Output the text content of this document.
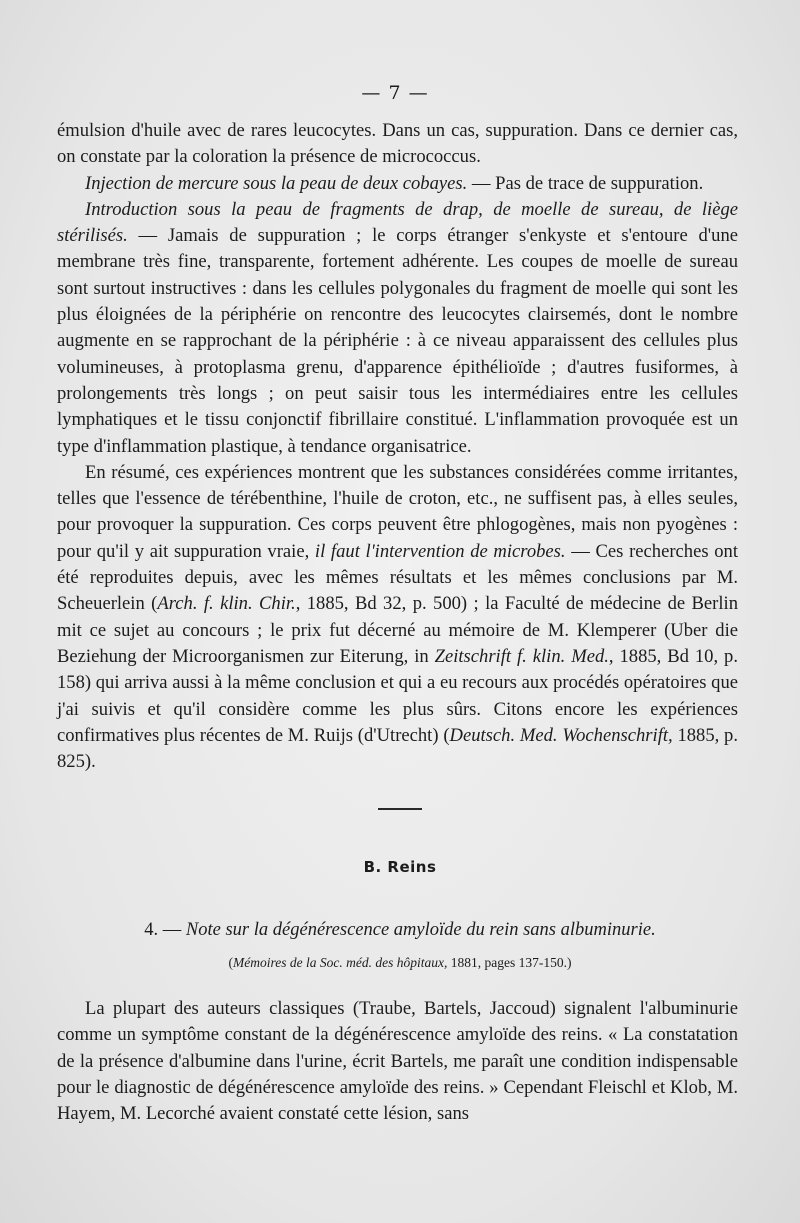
— 7 —

émulsion d'huile avec de rares leucocytes. Dans un cas, suppuration. Dans ce dernier cas, on constate par la coloration la présence de micrococcus.

Injection de mercure sous la peau de deux cobayes. — Pas de trace de suppuration.

Introduction sous la peau de fragments de drap, de moelle de sureau, de liège stérilisés. — Jamais de suppuration ; le corps étranger s'enkyste et s'entoure d'une membrane très fine, transparente, fortement adhérente. Les coupes de moelle de sureau sont surtout instructives : dans les cellules polygonales du fragment de moelle qui sont les plus éloignées de la périphérie on rencontre des leucocytes clairsemés, dont le nombre augmente en se rapprochant de la périphérie : à ce niveau apparaissent des cellules plus volumineuses, à protoplasma grenu, d'apparence épithélioïde ; d'autres fusiformes, à prolongements très longs ; on peut saisir tous les intermédiaires entre les cellules lymphatiques et le tissu conjonctif fibrillaire constitué. L'inflammation provoquée est un type d'inflammation plastique, à tendance organisatrice.

En résumé, ces expériences montrent que les substances considérées comme irritantes, telles que l'essence de térébenthine, l'huile de croton, etc., ne suffisent pas, à elles seules, pour provoquer la suppuration. Ces corps peuvent être phlogogènes, mais non pyogènes : pour qu'il y ait suppuration vraie, il faut l'intervention de microbes. — Ces recherches ont été reproduites depuis, avec les mêmes résultats et les mêmes conclusions par M. Scheuerlein (Arch. f. klin. Chir., 1885, Bd 32, p. 500) ; la Faculté de médecine de Berlin mit ce sujet au concours ; le prix fut décerné au mémoire de M. Klemperer (Uber die Beziehung der Microorganismen zur Eiterung, in Zeitschrift f. klin. Med., 1885, Bd 10, p. 158) qui arriva aussi à la même conclusion et qui a eu recours aux procédés opératoires que j'ai suivis et qu'il considère comme les plus sûrs. Citons encore les expériences confirmatives plus récentes de M. Ruijs (d'Utrecht) (Deutsch. Med. Wochenschrift, 1885, p. 825).

B. Reins
4. — Note sur la dégénérescence amyloïde du rein sans albuminurie.
(Mémoires de la Soc. méd. des hôpitaux, 1881, pages 137-150.)

La plupart des auteurs classiques (Traube, Bartels, Jaccoud) signalent l'albuminurie comme un symptôme constant de la dégénérescence amyloïde des reins. « La constatation de la présence d'albumine dans l'urine, écrit Bartels, me paraît une condition indispensable pour le diagnostic de dégénérescence amyloïde des reins. » Cependant Fleischl et Klob, M. Hayem, M. Lecorché avaient constaté cette lésion, sans
